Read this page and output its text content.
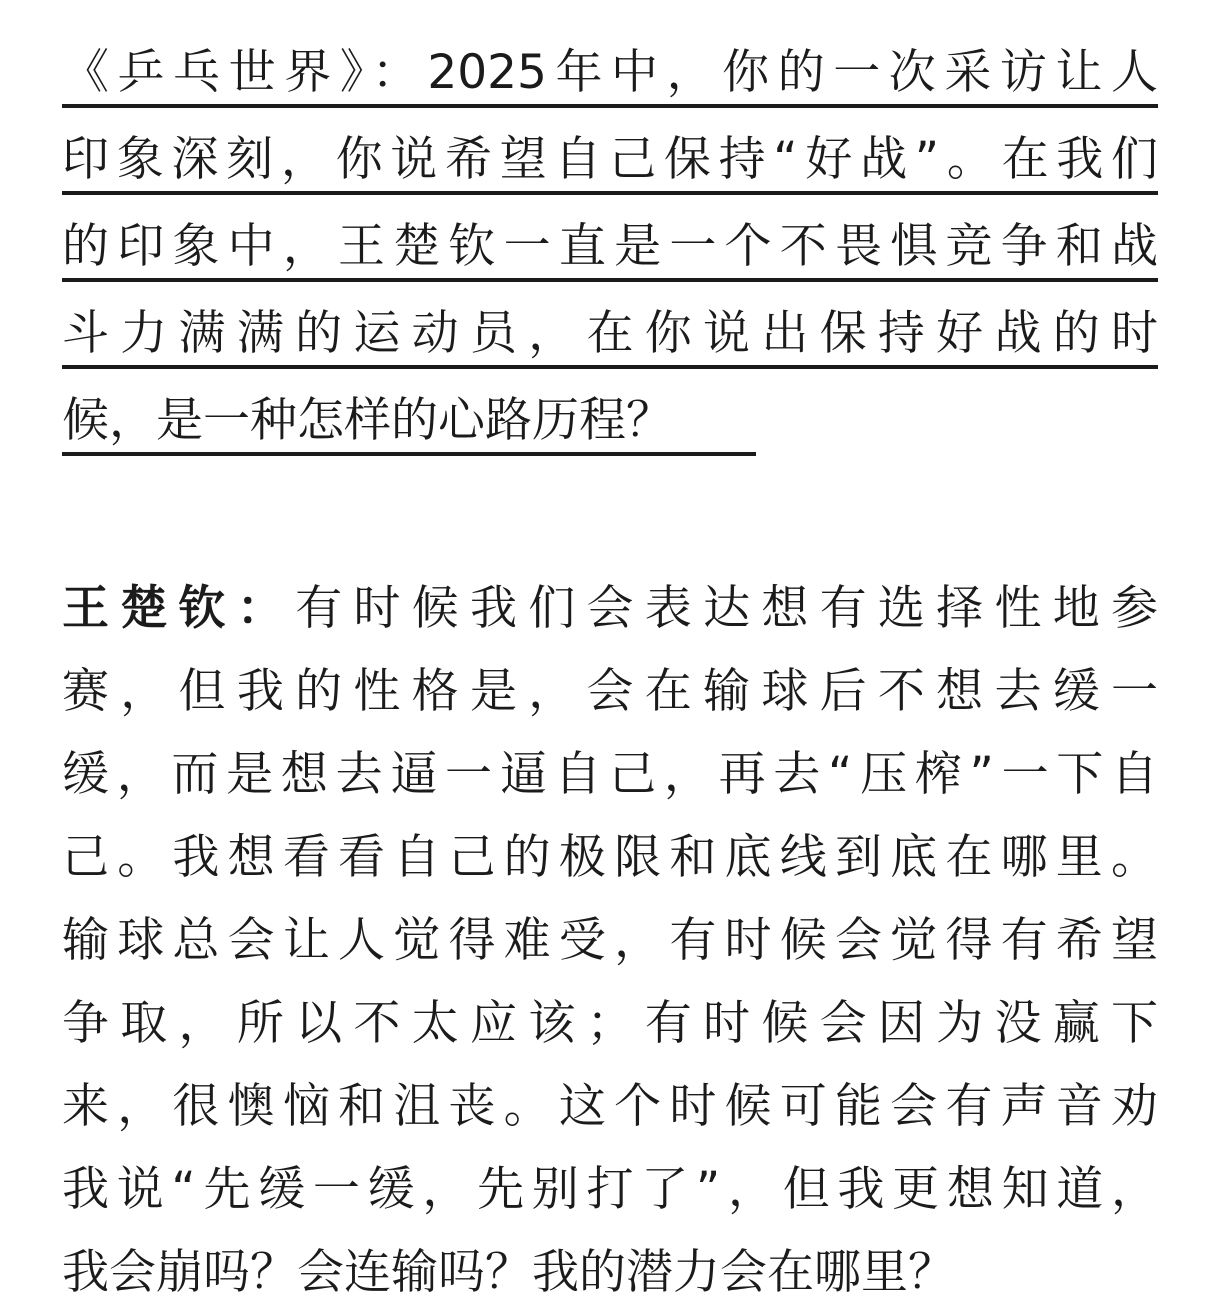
《乒乓世界》：2025年中，你的一次采访让人
印象深刻，你说希望自己保持“好战”。在我们
的印象中，王楚钦一直是一个不畏惧竞争和战
斗力满满的运动员，在你说出保持好战的时
候，是一种怎样的心路历程？
王楚钦：有时候我们会表达想有选择性地参
赛，但我的性格是，会在输球后不想去缓一
缓，而是想去逼一逼自己，再去“压榨”一下自
己。我想看看自己的极限和底线到底在哪里。
输球总会让人觉得难受，有时候会觉得有希望
争取，所以不太应该；有时候会因为没赢下
来，很懊恼和沮丧。这个时候可能会有声音劝
我说“先缓一缓，先别打了”，但我更想知道，
我会崩吗？会连输吗？我的潜力会在哪里？
